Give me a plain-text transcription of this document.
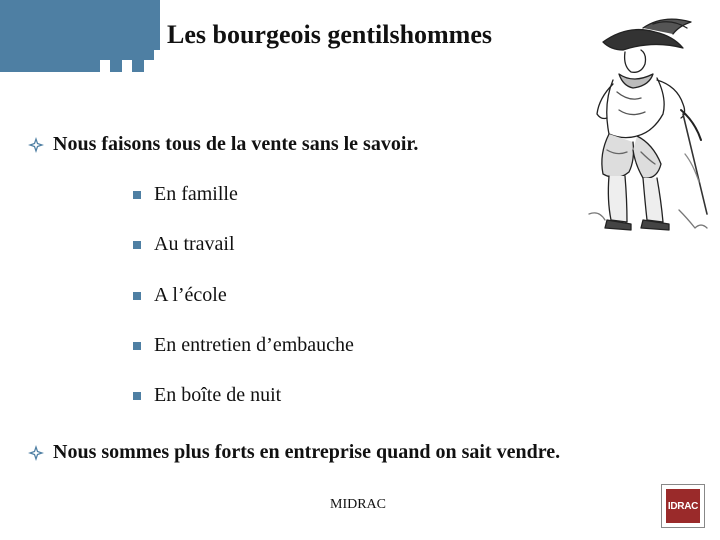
Les bourgeois gentilshommes
Nous faisons tous de la vente sans le savoir.
En famille
Au travail
A l’école
En entretien d’embauche
En boîte de nuit
Nous sommes plus forts en entreprise quand on sait vendre.
MIDRAC	IDRAC
